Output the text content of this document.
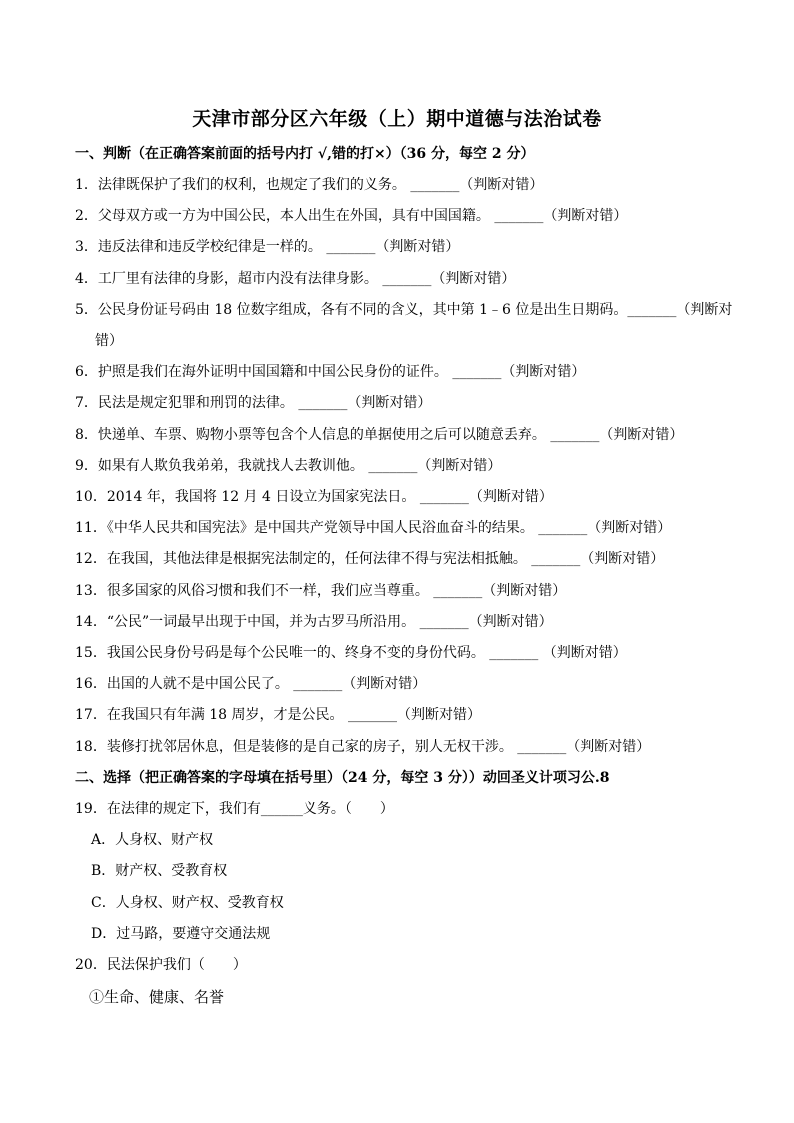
天津市部分区六年级（上）期中道德与法治试卷
一、判断（在正确答案前面的括号内打 √,错的打×）（36 分，每空 2 分）
1．法律既保护了我们的权利，也规定了我们的义务。 _______（判断对错）
2．父母双方或一方为中国公民，本人出生在外国，具有中国国籍。 _______（判断对错）
3．违反法律和违反学校纪律是一样的。 _______（判断对错）
4．工厂里有法律的身影，超市内没有法律身影。 _______（判断对错）
5．公民身份证号码由 18 位数字组成，各有不同的含义，其中第 1﹣6 位是出生日期码。_______（判断对
错）
6．护照是我们在海外证明中国国籍和中国公民身份的证件。 _______（判断对错）
7．民法是规定犯罪和刑罚的法律。 _______（判断对错）
8．快递单、车票、购物小票等包含个人信息的单据使用之后可以随意丢弃。 _______（判断对错）
9．如果有人欺负我弟弟，我就找人去教训他。 _______（判断对错）
10．2014 年，我国将 12 月 4 日设立为国家宪法日。 _______（判断对错）
11．《中华人民共和国宪法》是中国共产党领导中国人民浴血奋斗的结果。 _______（判断对错）
12．在我国，其他法律是根据宪法制定的，任何法律不得与宪法相抵触。 _______（判断对错）
13．很多国家的风俗习惯和我们不一样，我们应当尊重。 _______（判断对错）
14．“公民”一词最早出现于中国，并为古罗马所沿用。 _______（判断对错）
15．我国公民身份号码是每个公民唯一的、终身不变的身份代码。 _______ （判断对错）
16．出国的人就不是中国公民了。 _______（判断对错）
17．在我国只有年满 18 周岁，才是公民。 _______（判断对错）
18．装修打扰邻居休息，但是装修的是自己家的房子，别人无权干涉。 _______（判断对错）
二、选择（把正确答案的字母填在括号里）（24 分，每空 3 分））动回圣义计项习公.8
19．在法律的规定下，我们有______义务。（　　）
A．人身权、财产权
B．财产权、受教育权
C．人身权、财产权、受教育权
D．过马路，要遵守交通法规
20．民法保护我们（　　）
①生命、健康、名誉
